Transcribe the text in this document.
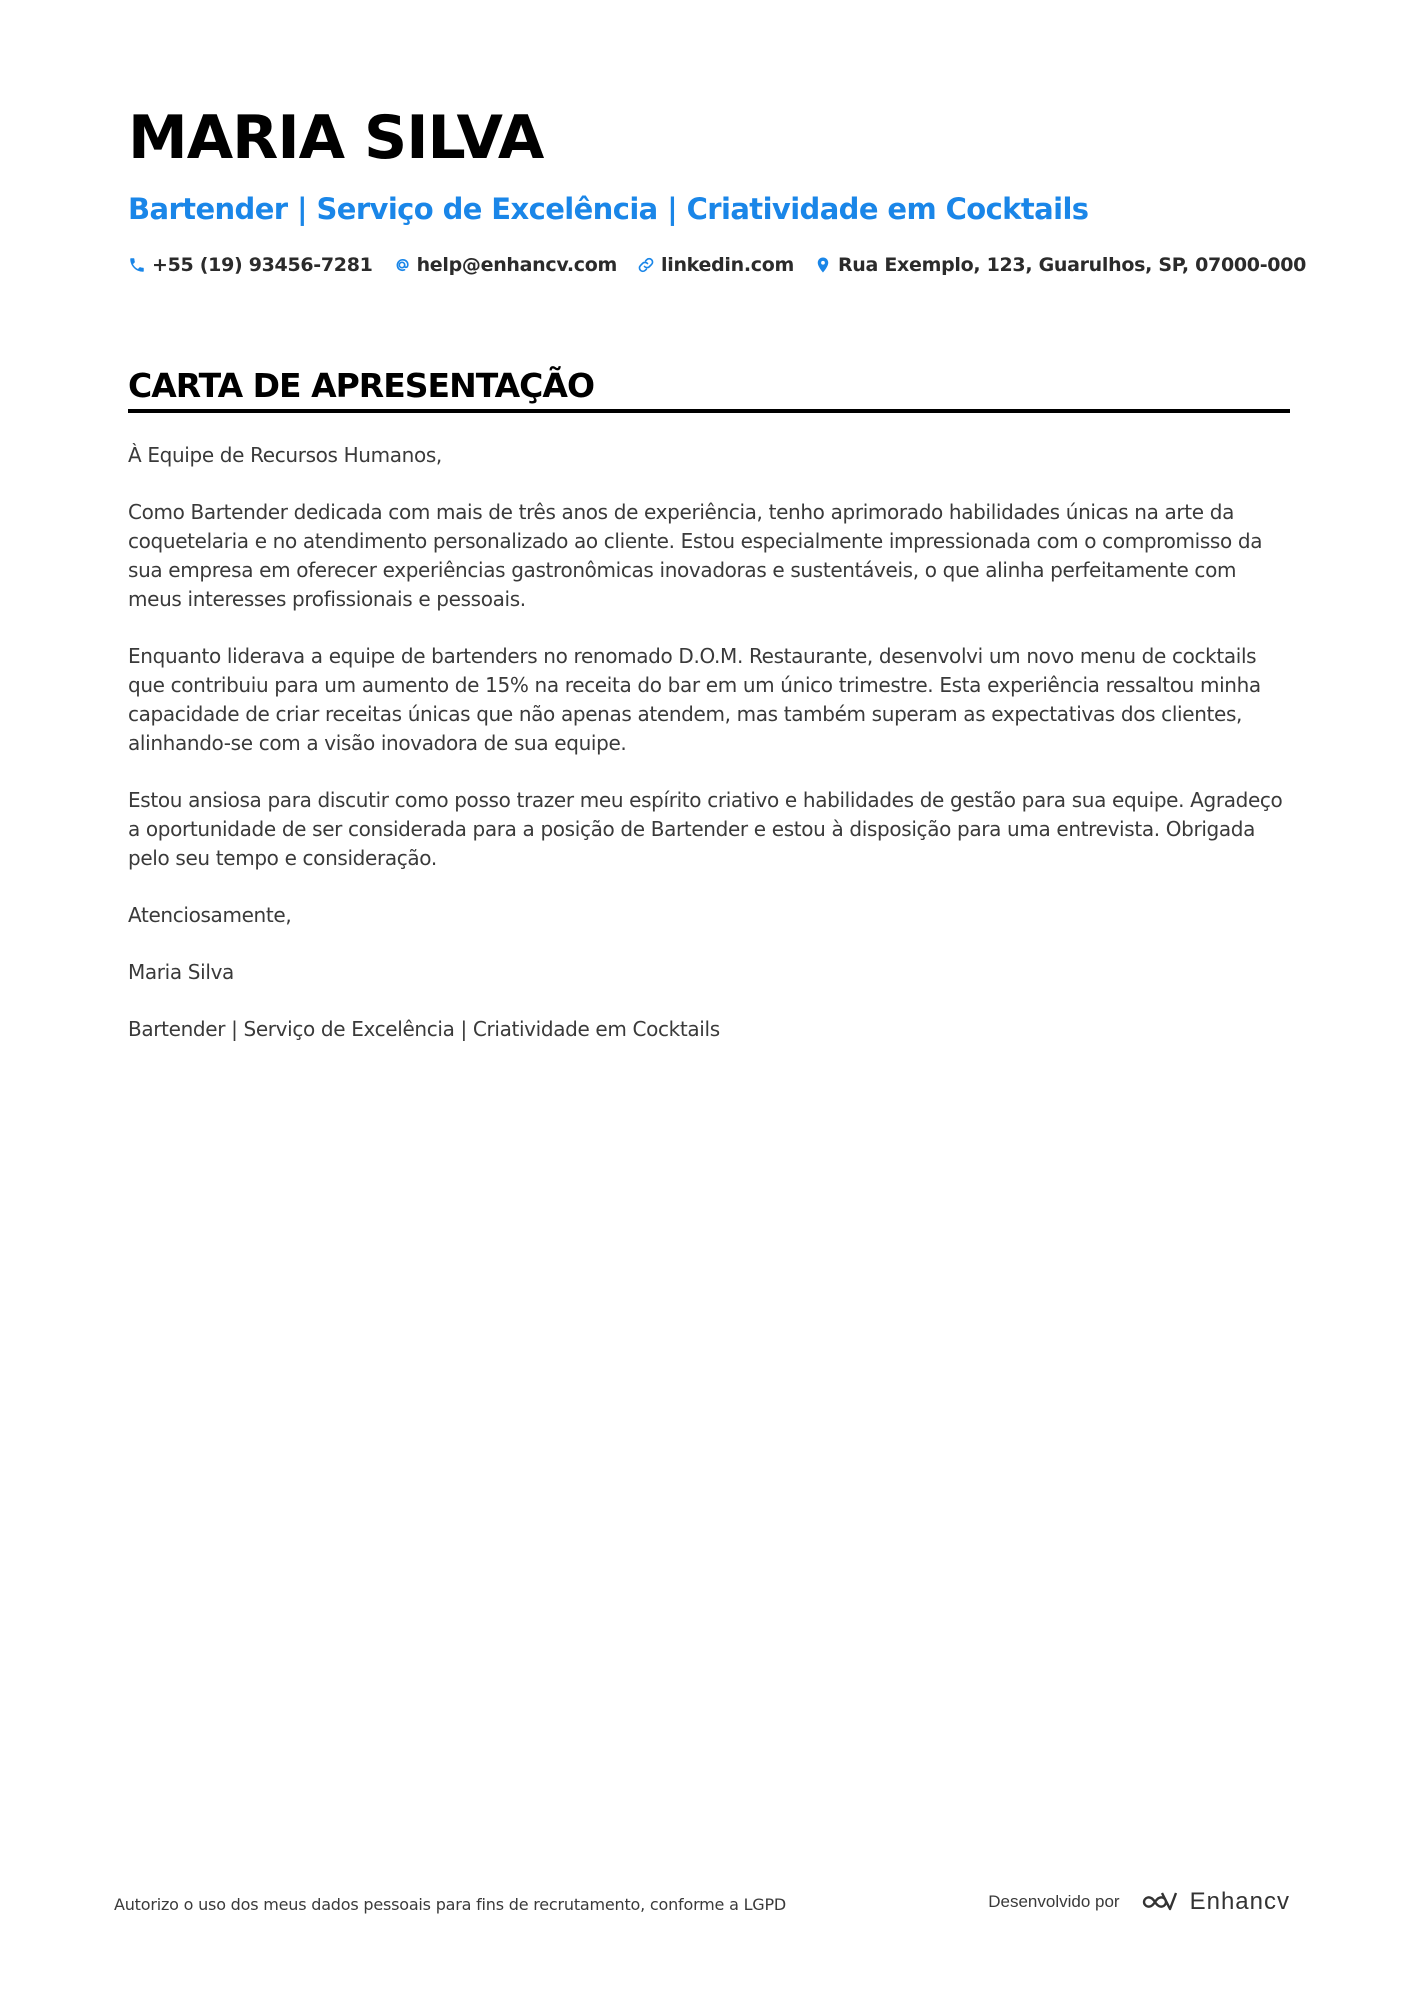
MARIA SILVA
Bartender | Serviço de Excelência | Criatividade em Cocktails
+55 (19) 93456-7281 help@enhancv.com linkedin.com Rua Exemplo, 123, Guarulhos, SP, 07000-000
CARTA DE APRESENTAÇÃO

À Equipe de Recursos Humanos,

Como Bartender dedicada com mais de três anos de experiência, tenho aprimorado habilidades únicas na arte da coquetelaria e no atendimento personalizado ao cliente. Estou especialmente impressionada com o compromisso da sua empresa em oferecer experiências gastronômicas inovadoras e sustentáveis, o que alinha perfeitamente com meus interesses profissionais e pessoais.

Enquanto liderava a equipe de bartenders no renomado D.O.M. Restaurante, desenvolvi um novo menu de cocktails que contribuiu para um aumento de 15% na receita do bar em um único trimestre. Esta experiência ressaltou minha capacidade de criar receitas únicas que não apenas atendem, mas também superam as expectativas dos clientes, alinhando-se com a visão inovadora de sua equipe.

Estou ansiosa para discutir como posso trazer meu espírito criativo e habilidades de gestão para sua equipe. Agradeço a oportunidade de ser considerada para a posição de Bartender e estou à disposição para uma entrevista. Obrigada pelo seu tempo e consideração.

Atenciosamente,

Maria Silva

Bartender | Serviço de Excelência | Criatividade em Cocktails

Autorizo o uso dos meus dados pessoais para fins de recrutamento, conforme a LGPD	Desenvolvido por	Enhancv
